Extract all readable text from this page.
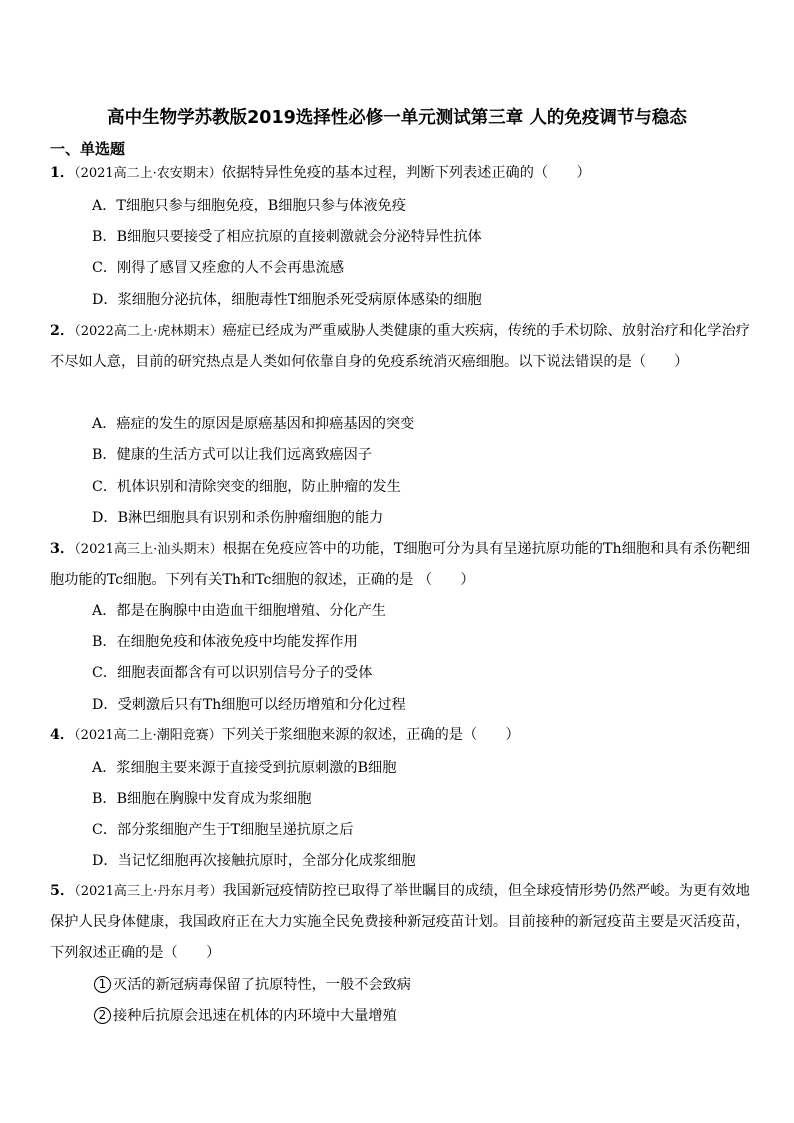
高中生物学苏教版2019选择性必修一单元测试第三章 人的免疫调节与稳态
一、单选题
1．（2021高二上·农安期末）依据特异性免疫的基本过程，判断下列表述正确的（　　）
A．T细胞只参与细胞免疫，B细胞只参与体液免疫
B．B细胞只要接受了相应抗原的直接刺激就会分泌特异性抗体
C．刚得了感冒又痊愈的人不会再患流感
D．浆细胞分泌抗体，细胞毒性T细胞杀死受病原体感染的细胞
2．（2022高二上·虎林期末）癌症已经成为严重威胁人类健康的重大疾病，传统的手术切除、放射治疗和化学治疗不尽如人意，目前的研究热点是人类如何依靠自身的免疫系统消灭癌细胞。以下说法错误的是（　　）
A．癌症的发生的原因是原癌基因和抑癌基因的突变
B．健康的生活方式可以让我们远离致癌因子
C．机体识别和清除突变的细胞，防止肿瘤的发生
D．B淋巴细胞具有识别和杀伤肿瘤细胞的能力
3．（2021高三上·汕头期末）根据在免疫应答中的功能，T细胞可分为具有呈递抗原功能的Th细胞和具有杀伤靶细胞功能的Tc细胞。下列有关Th和Tc细胞的叙述，正确的是 （　　）
A．都是在胸腺中由造血干细胞增殖、分化产生
B．在细胞免疫和体液免疫中均能发挥作用
C．细胞表面都含有可以识别信号分子的受体
D．受刺激后只有Th细胞可以经历增殖和分化过程
4．（2021高二上·潮阳竞赛）下列关于浆细胞来源的叙述，正确的是（　　）
A．浆细胞主要来源于直接受到抗原刺激的B细胞
B．B细胞在胸腺中发育成为浆细胞
C．部分浆细胞产生于T细胞呈递抗原之后
D．当记忆细胞再次接触抗原时，全部分化成浆细胞
5．（2021高三上·丹东月考）我国新冠疫情防控已取得了举世瞩目的成绩，但全球疫情形势仍然严峻。为更有效地保护人民身体健康，我国政府正在大力实施全民免费接种新冠疫苗计划。目前接种的新冠疫苗主要是灭活疫苗，下列叙述正确的是（　　）
1 灭活的新冠病毒保留了抗原特性，一般不会致病
2 接种后抗原会迅速在机体的内环境中大量增殖
